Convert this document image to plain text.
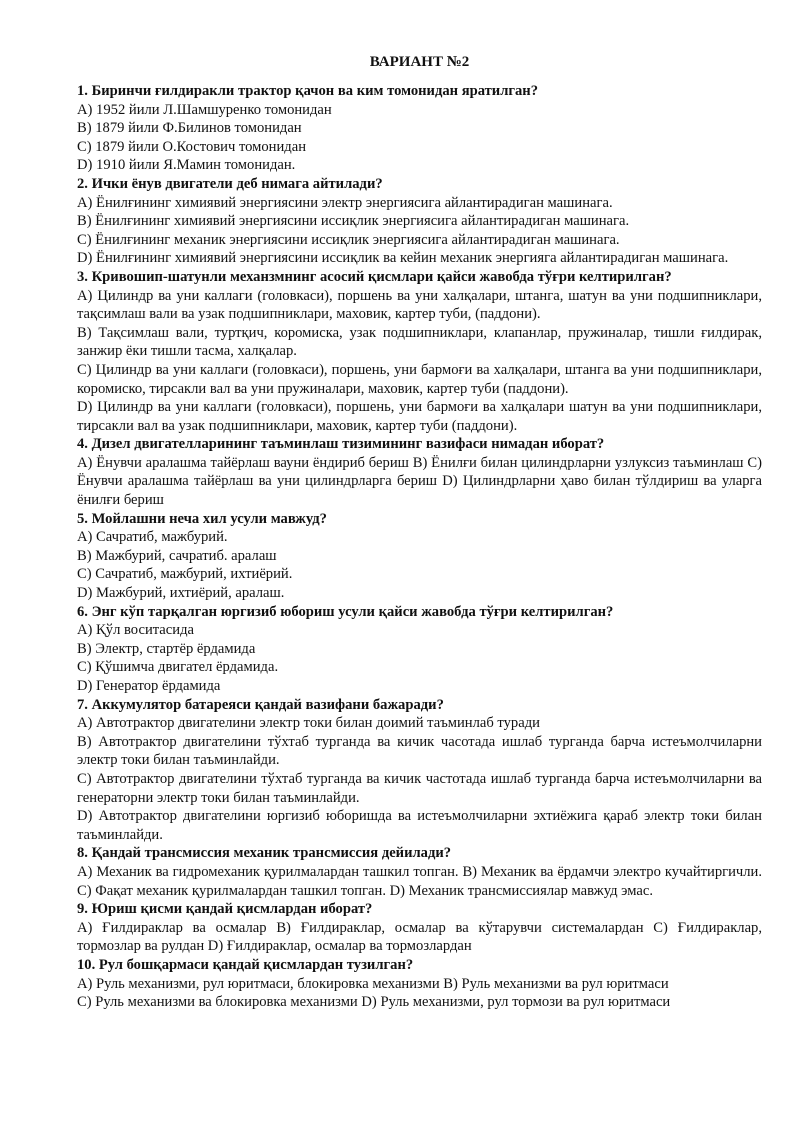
ВАРИАНТ №2
1. Биринчи ғилдиракли трактор қачон ва ким томонидан яратилган?
A) 1952 йили Л.Шамшуренко томонидан
B) 1879 йили Ф.Билинов томонидан
C) 1879 йили О.Костович томонидан
D) 1910 йили Я.Мамин томонидан.
2. Ички ёнув двигатели деб нимага айтилади?
A) Ёнилғининг химиявий энергиясини электр энергиясига айлантирадиган машинага.
B) Ёнилғининг химиявий энергиясини иссиқлик энергиясига айлантирадиган машинага.
C) Ёнилғининг механик энергиясини иссиқлик энергиясига айлантирадиган машинага.
D) Ёнилғининг химиявий энергиясини иссиқлик ва кейин механик энергияга айлантирадиган машинага.
3. Кривошип-шатунли механзмнинг асосий қисмлари қайси жавобда тўғри келтирилган?
A) Цилиндр ва уни каллаги (головкаси), поршень ва уни халқалари, штанга, шатун ва уни подшипниклари, тақсимлаш вали ва узак подшипниклари, маховик, картер туби, (паддони).
B) Тақсимлаш вали, туртқич, коромиска, узак подшипниклари, клапанлар, пружиналар, тишли ғилдирак, занжир ёки тишли тасма, халқалар.
C) Цилиндр ва уни каллаги (головкаси), поршень, уни бармоғи ва халқалари, штанга ва уни подшипниклари, коромиско, тирсакли вал ва уни пружиналари, маховик, картер туби (паддони).
D) Цилиндр ва уни каллаги (головкаси), поршень, уни бармоғи ва халқалари шатун ва уни подшипниклари, тирсакли вал ва узак подшипниклари, маховик, картер туби (паддони).
4. Дизел двигателларининг таъминлаш тизимининг вазифаси нимадан иборат?
A) Ёнувчи аралашма тайёрлаш вауни ёндириб бериш B) Ёнилғи билан цилиндрларни узлуксиз таъминлаш C) Ёнувчи аралашма тайёрлаш ва уни цилиндрларга бериш D) Цилиндрларни ҳаво билан тўлдириш ва уларга ёнилғи бериш
5. Мойлашни неча хил усули мавжуд?
A) Сачратиб, мажбурий.
B) Мажбурий, сачратиб. аралаш
C) Сачратиб, мажбурий, ихтиёрий.
D) Мажбурий, ихтиёрий, аралаш.
6. Энг кўп тарқалган юргизиб юбориш усули қайси жавобда тўғри келтирилган?
A) Қўл воситасида
B) Электр, стартёр ёрдамида
C) Қўшимча двигател ёрдамида.
D) Генератор ёрдамида
7. Аккумулятор батареяси қандай вазифани бажаради?
A) Автотрактор двигателини электр токи билан доимий таъминлаб туради
B) Автотрактор двигателини тўхтаб турганда ва кичик часотада ишлаб турганда барча истеъмолчиларни электр токи билан таъминлайди.
C) Автотрактор двигателини тўхтаб турганда ва кичик частотада ишлаб турганда барча истеъмолчиларни ва генераторни электр токи билан таъминлайди.
D) Автотрактор двигателини юргизиб юборишда ва истеъмолчиларни эхтиёжига қараб электр токи билан таъминлайди.
8. Қандай трансмиссия механик трансмиссия дейилади?
A) Механик ва гидромеханик қурилмалардан ташкил топган. B) Механик ва ёрдамчи электро кучайтиргичли. C) Фақат механик қурилмалардан ташкил топган. D) Механик трансмиссиялар мавжуд эмас.
9. Юриш қисми қандай қисмлардан иборат?
A) Ғилдираклар ва осмалар B) Ғилдираклар, осмалар ва кўтарувчи системалардан C) Ғилдираклар, тормозлар ва рулдан D) Ғилдираклар, осмалар ва тормозлардан
10. Рул бошқармаси қандай қисмлардан тузилган?
A) Руль механизми, рул юритмаси, блокировка механизми B) Руль механизми ва рул юритмаси
C) Руль механизми ва блокировка механизми D) Руль механизми, рул тормози ва рул юритмаси
